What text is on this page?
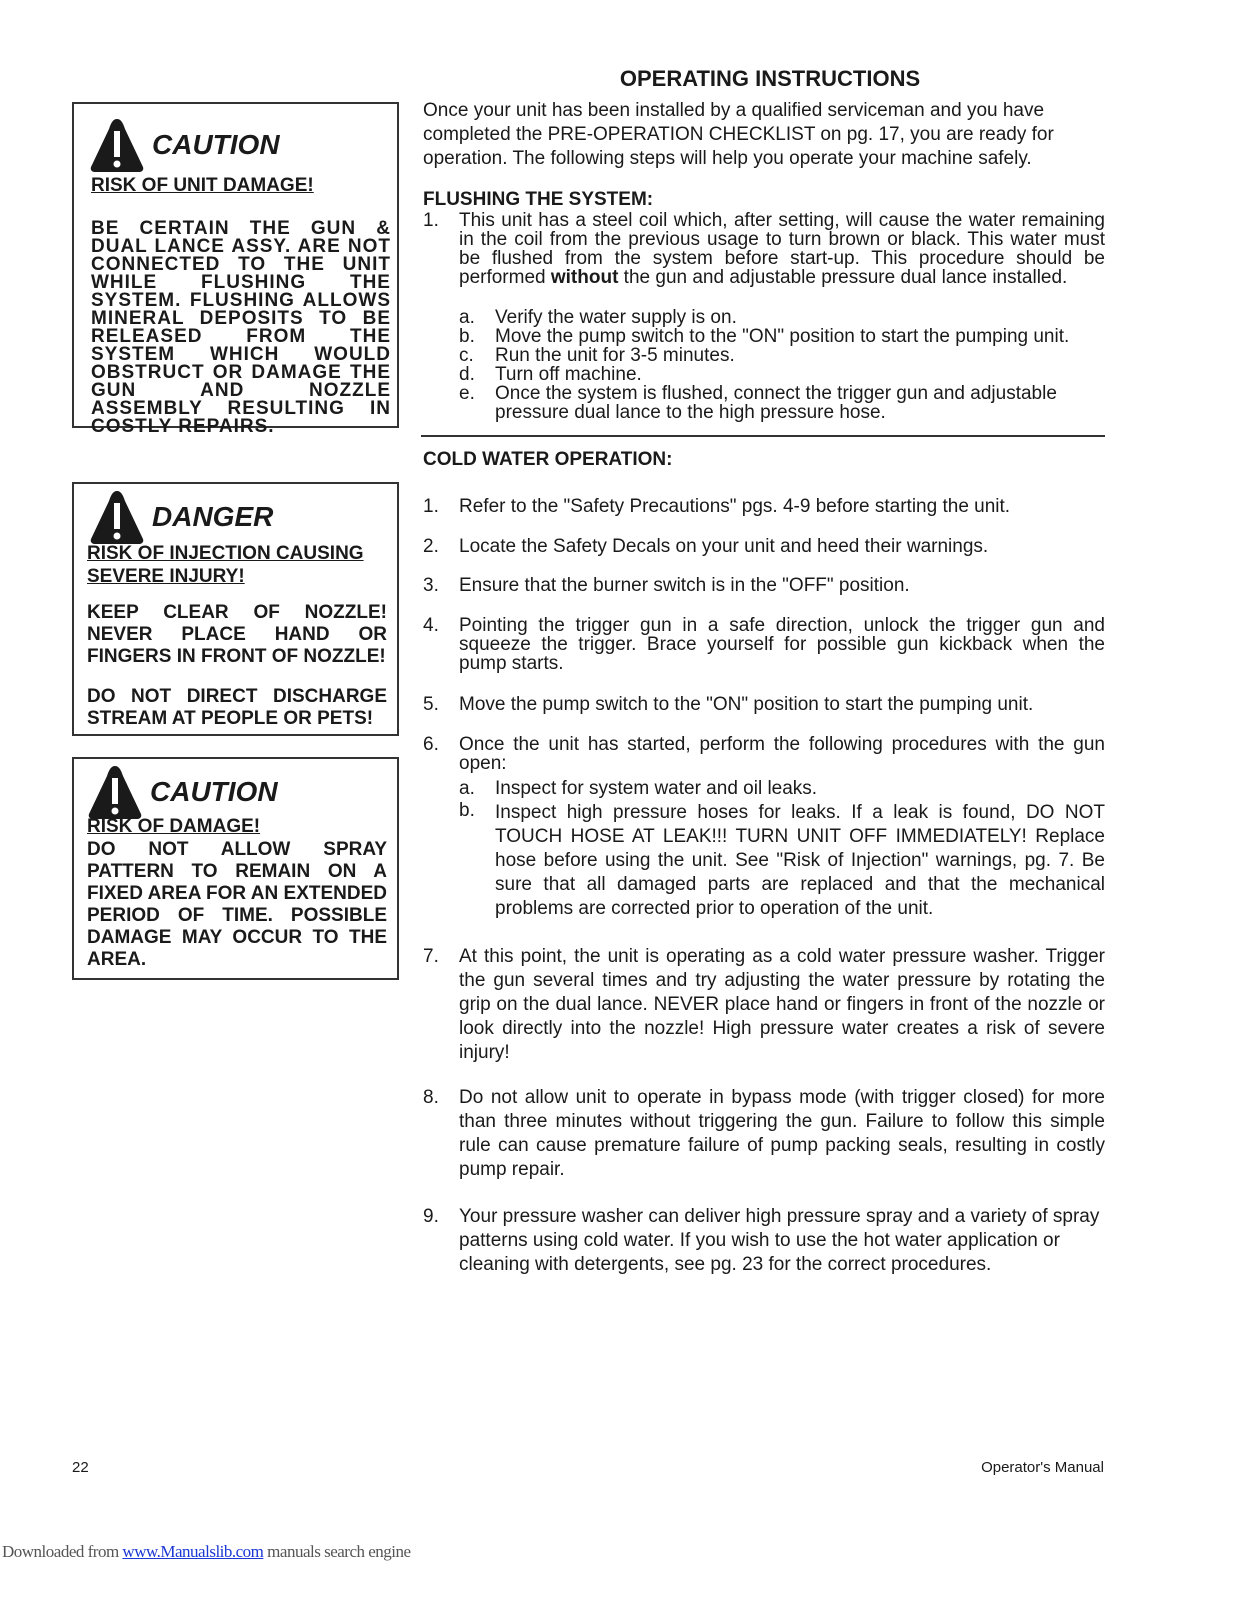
OPERATING INSTRUCTIONS
CAUTION
RISK OF UNIT DAMAGE!
BE CERTAIN THE GUN & DUAL LANCE ASSY. ARE NOT CONNECTED TO THE UNIT WHILE FLUSHING THE SYSTEM. FLUSHING ALLOWS MINERAL DEPOSITS TO BE RELEASED FROM THE SYSTEM WHICH WOULD OBSTRUCT OR DAMAGE THE GUN AND NOZZLE ASSEMBLY RESULTING IN COSTLY REPAIRS.
DANGER
RISK OF INJECTION CAUSING SEVERE INJURY!
KEEP CLEAR OF NOZZLE! NEVER PLACE HAND OR FINGERS IN FRONT OF NOZZLE!
DO NOT DIRECT DISCHARGE STREAM AT PEOPLE OR PETS!
CAUTION
RISK OF DAMAGE!
DO NOT ALLOW SPRAY PATTERN TO REMAIN ON A FIXED AREA FOR AN EXTENDED PERIOD OF TIME. POSSIBLE DAMAGE MAY OCCUR TO THE AREA.
Once your unit has been installed by a qualified serviceman and you have completed the PRE-OPERATION CHECKLIST on pg. 17, you are ready for operation. The following steps will help you operate your machine safely.
FLUSHING THE SYSTEM:
1.	This unit has a steel coil which, after setting, will cause the water remaining in the coil from the previous usage to turn brown or black. This water must be flushed from the system before start-up. This procedure should be performed without the gun and adjustable pressure dual lance installed.
a.	Verify the water supply is on.
b.	Move the pump switch to the "ON" position to start the pumping unit.
c.	Run the unit for 3-5 minutes.
d.	Turn off machine.
e.	Once the system is flushed, connect the trigger gun and adjustable pressure dual lance to the high pressure hose.
COLD WATER OPERATION:
1.	Refer to the "Safety Precautions" pgs. 4-9 before starting the unit.
2.	Locate the Safety Decals on your unit and heed their warnings.
3.	Ensure that the burner switch is in the "OFF" position.
4.	Pointing the trigger gun in a safe direction, unlock the trigger gun and squeeze the trigger. Brace yourself for possible gun kickback when the pump starts.
5.	Move the pump switch to the "ON" position to start the pumping unit.
6.	Once the unit has started, perform the following procedures with the gun open:
a.	Inspect for system water and oil leaks.
b.	Inspect high pressure hoses for leaks. If a leak is found, DO NOT TOUCH HOSE AT LEAK!!! TURN UNIT OFF IMMEDIATELY! Replace hose before using the unit. See "Risk of Injection" warnings, pg. 7. Be sure that all damaged parts are replaced and that the mechanical problems are corrected prior to operation of the unit.
7.	At this point, the unit is operating as a cold water pressure washer. Trigger the gun several times and try adjusting the water pressure by rotating the grip on the dual lance. NEVER place hand or fingers in front of the nozzle or look directly into the nozzle! High pressure water creates a risk of severe injury!
8.	Do not allow unit to operate in bypass mode (with trigger closed) for more than three minutes without triggering the gun. Failure to follow this simple rule can cause premature failure of pump packing seals, resulting in costly pump repair.
9.	Your pressure washer can deliver high pressure spray and a variety of spray patterns using cold water. If you wish to use the hot water application or cleaning with detergents, see pg. 23 for the correct procedures.
22	Operator's Manual
Downloaded from www.Manualslib.com manuals search engine
